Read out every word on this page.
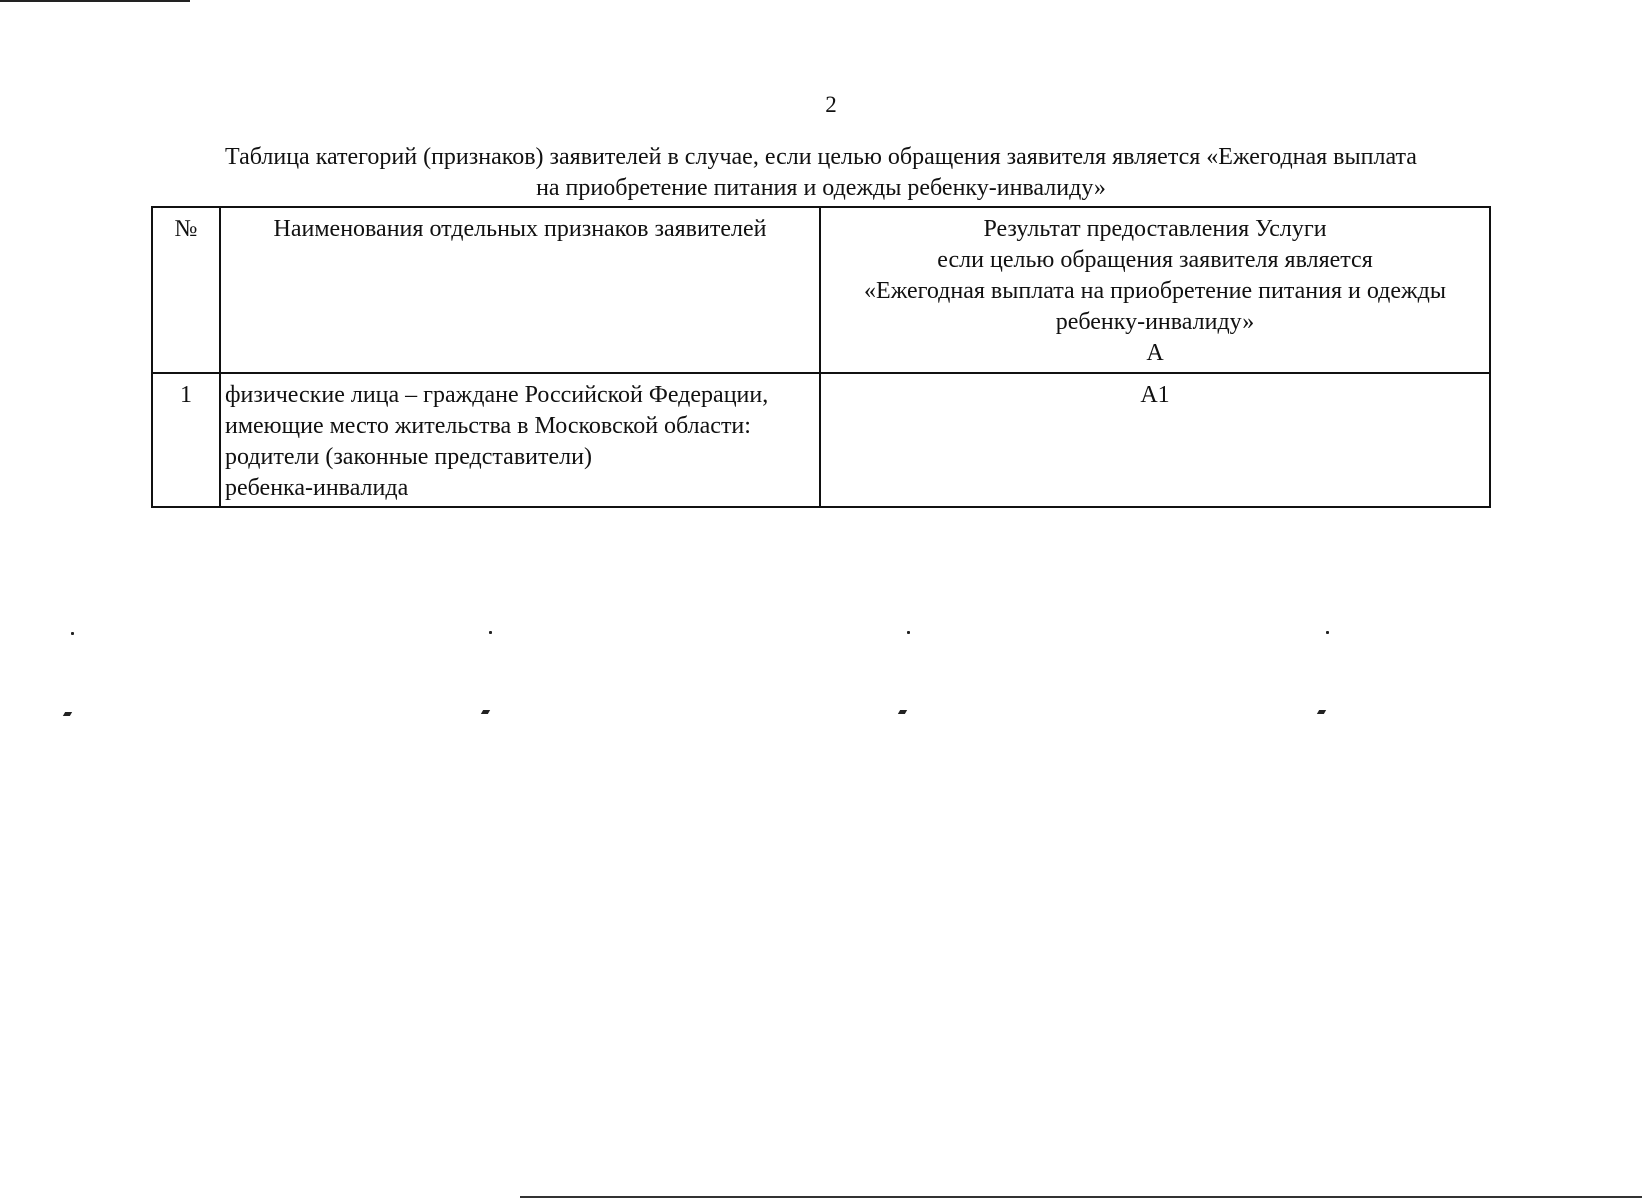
2
Таблица категорий (признаков) заявителей в случае, если целью обращения заявителя является «Ежегодная выплата
на приобретение питания и одежды ребенку-инвалиду»
№	Наименования отдельных признаков заявителей	Результат предоставления Услуги
если целью обращения заявителя является
«Ежегодная выплата на приобретение питания и одежды
ребенку-инвалиду»
А

1	физические лица – граждане Российской Федерации,
имеющие место жительства в Московской области:
родители (законные представители)
ребенка-инвалида	А1
